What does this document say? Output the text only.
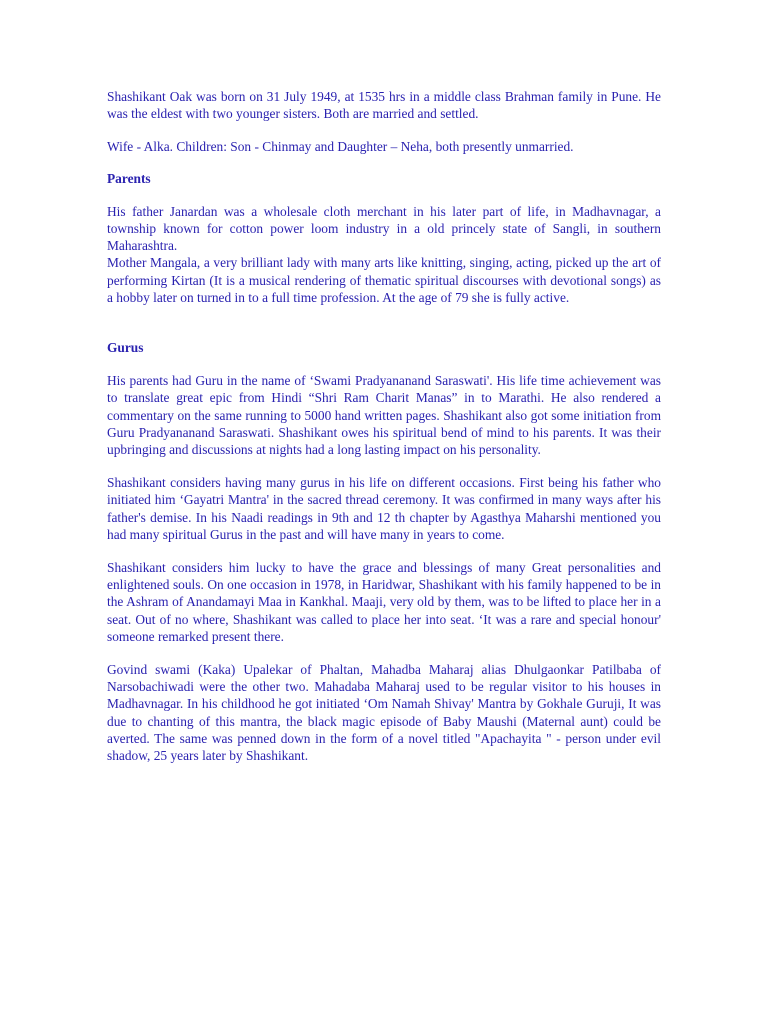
Shashikant Oak was born on 31 July 1949, at 1535 hrs in a middle class Brahman family in Pune. He was the eldest with two younger sisters. Both are married and settled.

Wife - Alka. Children: Son - Chinmay and Daughter – Neha, both presently unmarried.

Parents

His father Janardan was a wholesale cloth merchant in his later part of life, in Madhavnagar, a township known for cotton power loom industry in a old princely state of Sangli, in southern Maharashtra.

Mother Mangala, a very brilliant lady with many arts like knitting, singing, acting, picked up the art of performing Kirtan (It is a musical rendering of thematic spiritual discourses with devotional songs) as a hobby later on turned in to a full time profession. At the age of 79 she is fully active.

Gurus

His parents had Guru in the name of ‘Swami Pradyananand Saraswati'. His life time achievement was to translate great epic from Hindi “Shri Ram Charit Manas” in to Marathi. He also rendered a commentary on the same running to 5000 hand written pages. Shashikant also got some initiation from Guru Pradyananand Saraswati. Shashikant owes his spiritual bend of mind to his parents. It was their upbringing and discussions at nights had a long lasting impact on his personality.

Shashikant considers having many gurus in his life on different occasions. First being his father who initiated him ‘Gayatri Mantra' in the sacred thread ceremony. It was confirmed in many ways after his father's demise. In his Naadi readings in 9th and 12 th chapter by Agasthya Maharshi mentioned you had many spiritual Gurus in the past and will have many in years to come.

Shashikant considers him lucky to have the grace and blessings of many Great personalities and enlightened souls. On one occasion in 1978, in Haridwar, Shashikant with his family happened to be in the Ashram of Anandamayi Maa in Kankhal. Maaji, very old by them, was to be lifted to place her in a seat. Out of no where, Shashikant was called to place her into seat. ‘It was a rare and special honour' someone remarked present there.

Govind swami (Kaka) Upalekar of Phaltan, Mahadba Maharaj alias Dhulgaonkar Patilbaba of Narsobachiwadi were the other two. Mahadaba Maharaj used to be regular visitor to his houses in Madhavnagar. In his childhood he got initiated ‘Om Namah Shivay' Mantra by Gokhale Guruji, It was due to chanting of this mantra, the black magic episode of Baby Maushi (Maternal aunt) could be averted. The same was penned down in the form of a novel titled "Apachayita " - person under evil shadow, 25 years later by Shashikant.
